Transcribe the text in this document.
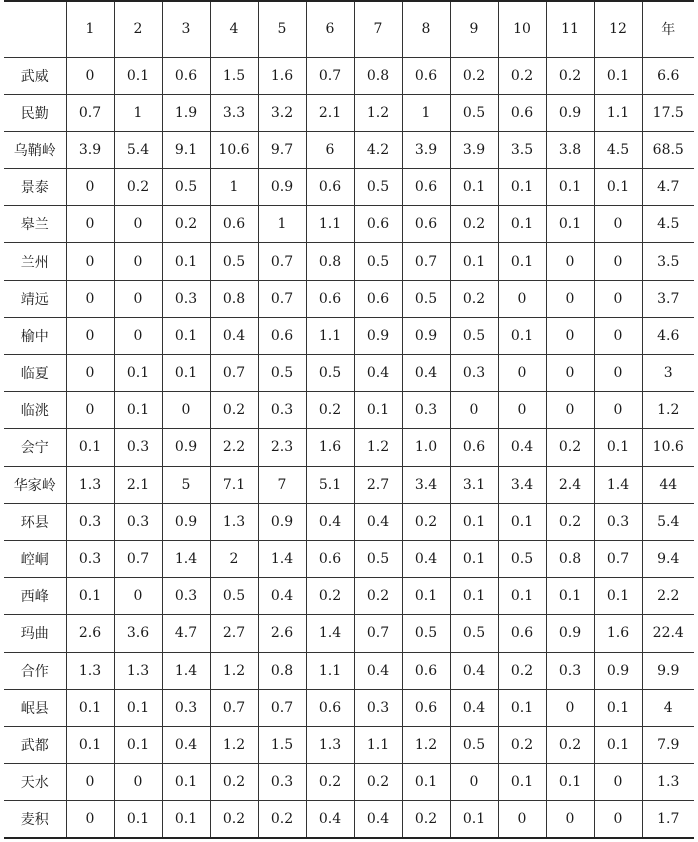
	1	2	3	4	5	6	7	8	9	10	11	12	年
武威	0	0.1	0.6	1.5	1.6	0.7	0.8	0.6	0.2	0.2	0.2	0.1	6.6
民勤	0.7	1	1.9	3.3	3.2	2.1	1.2	1	0.5	0.6	0.9	1.1	17.5
乌鞘岭	3.9	5.4	9.1	10.6	9.7	6	4.2	3.9	3.9	3.5	3.8	4.5	68.5
景泰	0	0.2	0.5	1	0.9	0.6	0.5	0.6	0.1	0.1	0.1	0.1	4.7
皋兰	0	0	0.2	0.6	1	1.1	0.6	0.6	0.2	0.1	0.1	0	4.5
兰州	0	0	0.1	0.5	0.7	0.8	0.5	0.7	0.1	0.1	0	0	3.5
靖远	0	0	0.3	0.8	0.7	0.6	0.6	0.5	0.2	0	0	0	3.7
榆中	0	0	0.1	0.4	0.6	1.1	0.9	0.9	0.5	0.1	0	0	4.6
临夏	0	0.1	0.1	0.7	0.5	0.5	0.4	0.4	0.3	0	0	0	3
临洮	0	0.1	0	0.2	0.3	0.2	0.1	0.3	0	0	0	0	1.2
会宁	0.1	0.3	0.9	2.2	2.3	1.6	1.2	1.0	0.6	0.4	0.2	0.1	10.6
华家岭	1.3	2.1	5	7.1	7	5.1	2.7	3.4	3.1	3.4	2.4	1.4	44
环县	0.3	0.3	0.9	1.3	0.9	0.4	0.4	0.2	0.1	0.1	0.2	0.3	5.4
崆峒	0.3	0.7	1.4	2	1.4	0.6	0.5	0.4	0.1	0.5	0.8	0.7	9.4
西峰	0.1	0	0.3	0.5	0.4	0.2	0.2	0.1	0.1	0.1	0.1	0.1	2.2
玛曲	2.6	3.6	4.7	2.7	2.6	1.4	0.7	0.5	0.5	0.6	0.9	1.6	22.4
合作	1.3	1.3	1.4	1.2	0.8	1.1	0.4	0.6	0.4	0.2	0.3	0.9	9.9
岷县	0.1	0.1	0.3	0.7	0.7	0.6	0.3	0.6	0.4	0.1	0	0.1	4
武都	0.1	0.1	0.4	1.2	1.5	1.3	1.1	1.2	0.5	0.2	0.2	0.1	7.9
天水	0	0	0.1	0.2	0.3	0.2	0.2	0.1	0	0.1	0.1	0	1.3
麦积	0	0.1	0.1	0.2	0.2	0.4	0.4	0.2	0.1	0	0	0	1.7
